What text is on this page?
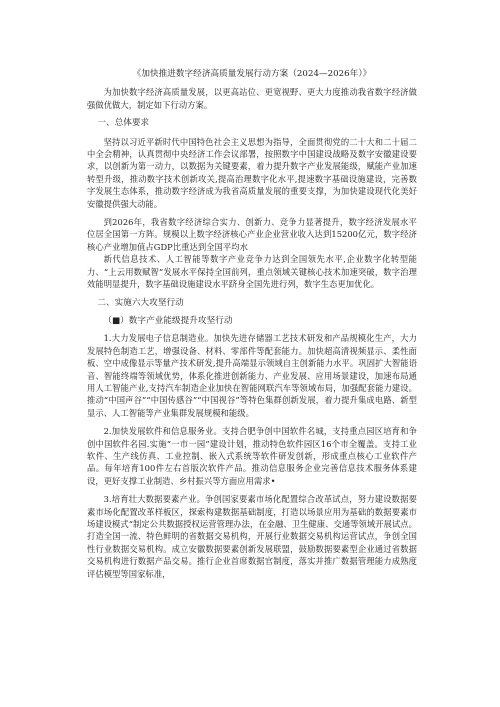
《加快推进数字经济高质量发展行动方案（2024—2026年）》

为加快数字经济高质量发展，以更高站位、更宽视野、更大力度推动我省数字经济做强做优做大，制定如下行动方案。

一、总体要求

坚持以习近平新时代中国特色社会主义思想为指导，全面贯彻党的二十大和二十届二中全会精神，认真贯彻中央经济工作会议部署，按照数字中国建设战略及数字安徽建设要求，以创新为第一动力，以数据为关键要素，着力提升数字产业发展能级，赋能产业加速转型升级，推动数字技术创新攻关,提高治理数字化水平,提速数字基础设施建设，完善数字发展生态体系，推动数字经济成为我省高质量发展的重要支撑，为加快建设现代化美好安徽提供强大动能。

到2026年，我省数字经济综合实力、创新力、竞争力显著提升，数字经济发展水平位居全国第一方阵。规模以上数字经济核心产业企业营业收入达到15200亿元，数字经济核心产业增加值占GDP比重达到全国平均水

新代信息技术、人工智能等数字产业竞争力达到全国领先水平,企业数字化转型能力、“上云用数赋智”发展水平保持全国前列，重点领域关键核心技术加速突破，数字治理效能明显提升，数字基础设施建设水平跻身全国先进行列，数字生态更加优化。

二、实施六大攻坚行动

（■）数字产业能级提升攻坚行动

1.大力发展电子信息制造业。加快先进存储器工艺技术研发和产品规模化生产，大力发展特色制造工艺，增强设备、材料、零部件等配套能力。加快超高清视频显示、柔性面板、空中成像显示等量产技术研发,提升高端显示领域自主创新能力水平。巩固扩大智能语音、智能终端等领域优势，体系化推进创新能力、产业发展、应用场景建设，加速布局通用人工智能产业,支持汽车制造企业加快在智能网联汽车等领域布局，加强配套能力建设。推动“中国声谷”“中国传感谷”“中国视谷”等特色集群创新发展，着力提升集成电路、新型显示、人工智能等产业集群发展规模和能级。

2.加快发展软件和信息服务业。支持合肥争创中国软件名城，支持重点园区培育和争创中国软件名园.实施“一市一园”建设计划，推动特色软件园区16个市全覆盖。支持工业软件、生产线仿真、工业控制、嵌入式系统等软件研发创新，形成重点核心工业软件产品。每年培育100件左右首版次软件产品。推动信息服务企业完善信息技术服务体系建设，更好支撑工业制造、乡村振兴等方面应用需求•

3.培育壮大数据要素产业。争创国家要素市场化配置综合改革试点，努力建设数据要素市场化配置改革样板区，探索构建数据基础制度，打造以场景应用为基础的数据要素市场建设模式“制定公共数据授权运营管理办法，在金融、卫生健康、交通等领域开展试点。打造全国一流、特色鲜明的省数据交易机构，开展行业数据交易机构运营试点，争创全国性行业数据交易机构。成立安徽数据要素创新发展联盟，鼓励数据要素型企业通过省数据交易机构进行数据产品交易。推行企业首席数据官制度，落实并推广数据管理能力成熟度评估模型等国家标准，
